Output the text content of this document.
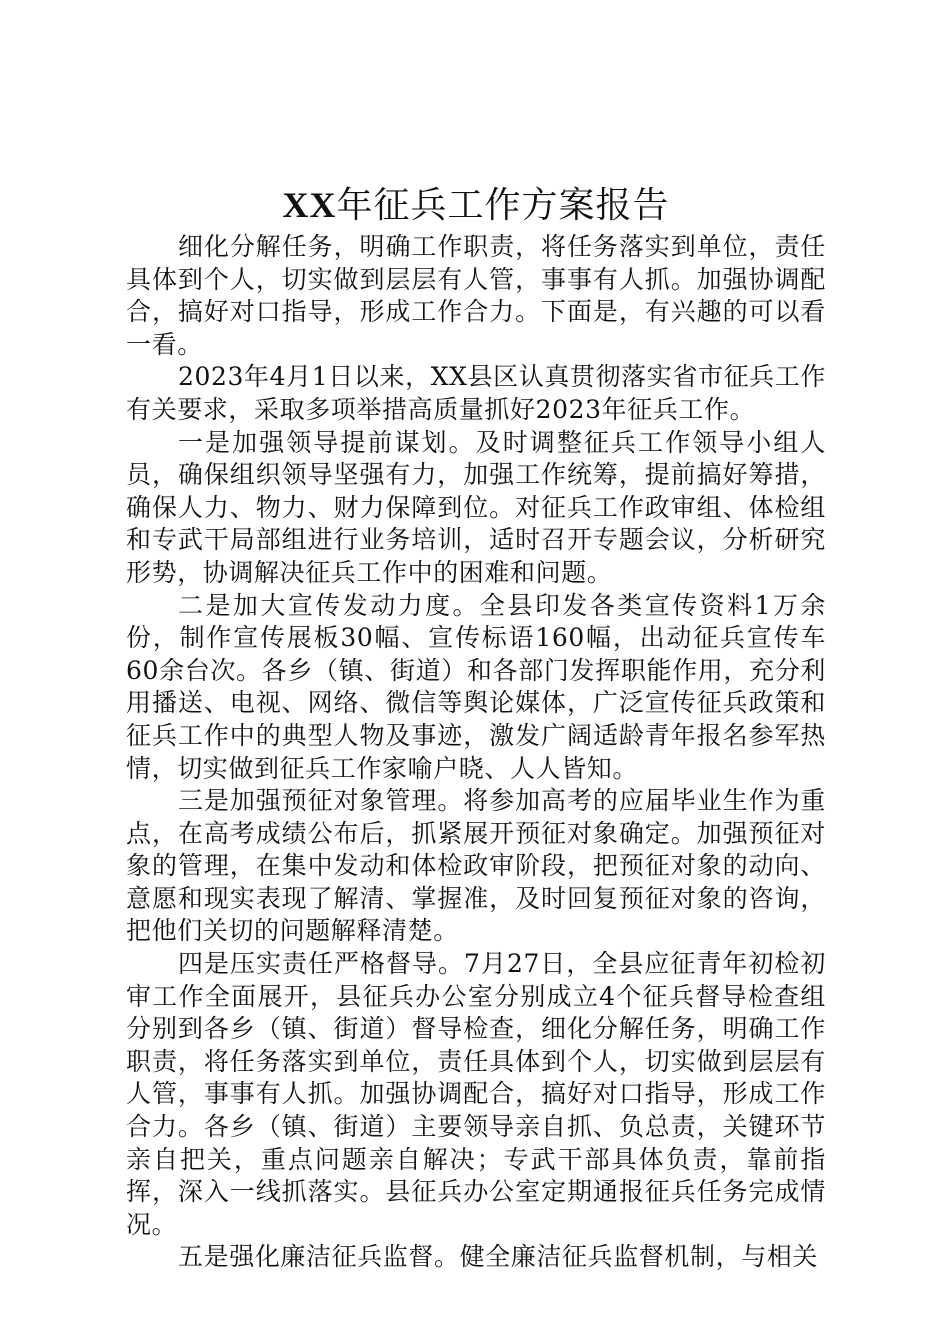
XX年征兵工作方案报告

细化分解任务，明确工作职责，将任务落实到单位，责任具体到个人，切实做到层层有人管，事事有人抓。加强协调配合，搞好对口指导，形成工作合力。下面是，有兴趣的可以看一看。

2023年4月1日以来，XX县区认真贯彻落实省市征兵工作有关要求，采取多项举措高质量抓好2023年征兵工作。

一是加强领导提前谋划。及时调整征兵工作领导小组人员，确保组织领导坚强有力，加强工作统筹，提前搞好筹措，确保人力、物力、财力保障到位。对征兵工作政审组、体检组和专武干局部组进行业务培训，适时召开专题会议，分析研究形势，协调解决征兵工作中的困难和问题。

二是加大宣传发动力度。全县印发各类宣传资料1万余份，制作宣传展板30幅、宣传标语160幅，出动征兵宣传车60余台次。各乡（镇、街道）和各部门发挥职能作用，充分利用播送、电视、网络、微信等舆论媒体，广泛宣传征兵政策和征兵工作中的典型人物及事迹，激发广阔适龄青年报名参军热情，切实做到征兵工作家喻户晓、人人皆知。

三是加强预征对象管理。将参加高考的应届毕业生作为重点，在高考成绩公布后，抓紧展开预征对象确定。加强预征对象的管理，在集中发动和体检政审阶段，把预征对象的动向、意愿和现实表现了解清、掌握准，及时回复预征对象的咨询，把他们关切的问题解释清楚。

四是压实责任严格督导。7月27日，全县应征青年初检初审工作全面展开，县征兵办公室分别成立4个征兵督导检查组分别到各乡（镇、街道）督导检查，细化分解任务，明确工作职责，将任务落实到单位，责任具体到个人，切实做到层层有人管，事事有人抓。加强协调配合，搞好对口指导，形成工作合力。各乡（镇、街道）主要领导亲自抓、负总责，关键环节亲自把关，重点问题亲自解决；专武干部具体负责，靠前指挥，深入一线抓落实。县征兵办公室定期通报征兵任务完成情况。

五是强化廉洁征兵监督。健全廉洁征兵监督机制，与相关
